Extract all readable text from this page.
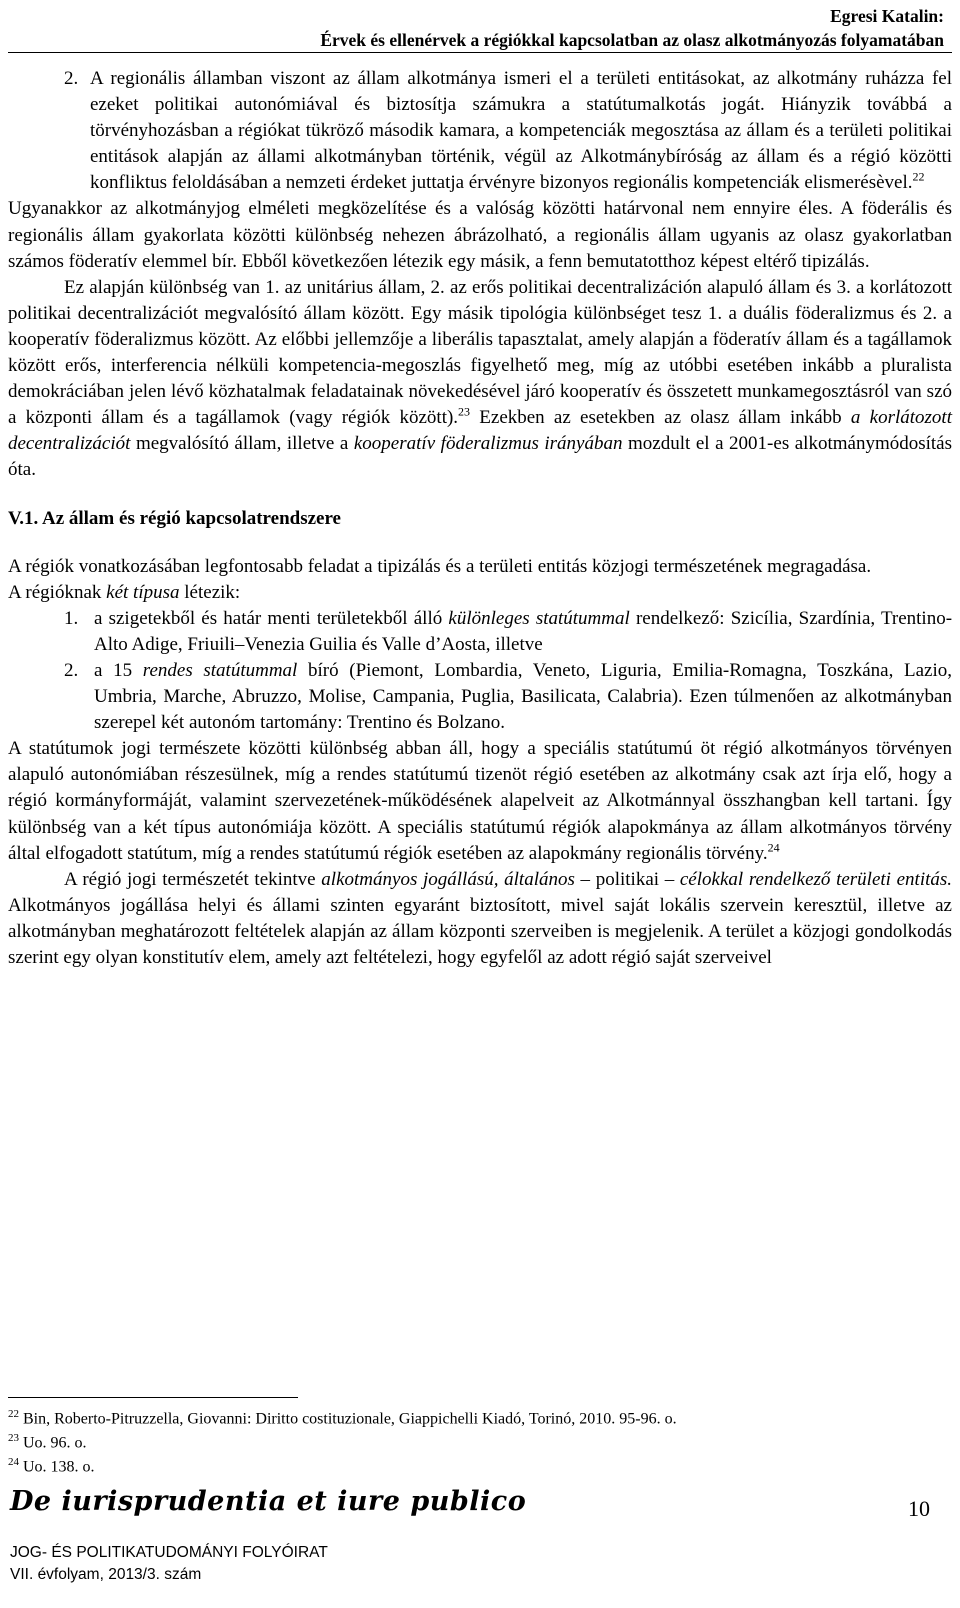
Egresi Katalin:
Érvek és ellenérvek a régiókkal kapcsolatban az olasz alkotmányozás folyamatában
2. A regionális államban viszont az állam alkotmánya ismeri el a területi entitásokat, az alkotmány ruházza fel ezeket politikai autonómiával és biztosítja számukra a statútumalkotás jogát. Hiányzik továbbá a törvényhozásban a régiókat tükröző második kamara, a kompetenciák megosztása az állam és a területi politikai entitások alapján az állami alkotmányban történik, végül az Alkotmánybíróság az állam és a régió közötti konfliktus feloldásában a nemzeti érdeket juttatja érvényre bizonyos regionális kompetenciák elismerésèvel.$^{22}$

Ugyanakkor az alkotmányjog elméleti megközelítése és a valóság közötti határvonal nem ennyire éles. A föderális és regionális állam gyakorlata közötti különbség nehezen ábrázolható, a regionális állam ugyanis az olasz gyakorlatban számos föderatív elemmel bír. Ebből következően létezik egy másik, a fenn bemutatotthoz képest eltérő tipizálás.

Ez alapján különbség van 1. az unitárius állam, 2. az erős politikai decentralizáción alapuló állam és 3. a korlátozott politikai decentralizációt megvalósító állam között. Egy másik tipológia különbséget tesz 1. a duális föderalizmus és 2. a kooperatív föderalizmus között. Az előbbi jellemzője a liberális tapasztalat, amely alapján a föderatív állam és a tagállamok között erős, interferencia nélküli kompetencia-megoszlás figyelhető meg, míg az utóbbi esetében inkább a pluralista demokráciában jelen lévő közhatalmak feladatainak növekedésével járó kooperatív és összetett munkamegosztásról van szó a központi állam és a tagállamok (vagy régiók között).$^{23}$ Ezekben az esetekben az olasz állam inkább a korlátozott decentralizációt megvalósító állam, illetve a kooperatív föderalizmus irányában mozdult el a 2001-es alkotmánymódosítás óta.

V.1. Az állam és régió kapcsolatrendszere

A régiók vonatkozásában legfontosabb feladat a tipizálás és a területi entitás közjogi természetének megragadása.

A régióknak két típusa létezik:

1. a szigetekből és határ menti területekből álló különleges statútummal rendelkező: Szicília, Szardínia, Trentino-Alto Adige, Friuili–Venezia Guilia és Valle d’Aosta, illetve
2. a 15 rendes statútummal bíró (Piemont, Lombardia, Veneto, Liguria, Emilia-Romagna, Toszkána, Lazio, Umbria, Marche, Abruzzo, Molise, Campania, Puglia, Basilicata, Calabria). Ezen túlmenően az alkotmányban szerepel két autonóm tartomány: Trentino és Bolzano.

A statútumok jogi természete közötti különbség abban áll, hogy a speciális statútumú öt régió alkotmányos törvényen alapuló autonómiában részesülnek, míg a rendes statútumú tizenöt régió esetében az alkotmány csak azt írja elő, hogy a régió kormányformáját, valamint szervezetének-működésének alapelveit az Alkotmánnyal összhangban kell tartani. Így különbség van a két típus autonómiája között. A speciális statútumú régiók alapokmánya az állam alkotmányos törvény által elfogadott statútum, míg a rendes statútumú régiók esetében az alapokmány regionális törvény.$^{24}$

A régió jogi természetét tekintve alkotmányos jogállású, általános – politikai – célokkal rendelkező területi entitás. Alkotmányos jogállása helyi és állami szinten egyaránt biztosított, mivel saját lokális szervein keresztül, illetve az alkotmányban meghatározott feltételek alapján az állam központi szerveiben is megjelenik. A terület a közjogi gondolkodás szerint egy olyan konstitutív elem, amely azt feltételezi, hogy egyfelől az adott régió saját szerveivel

$^{22}$ Bin, Roberto-Pitruzzella, Giovanni: Diritto costituzionale, Giappichelli Kiadó, Torinó, 2010. 95-96. o.
$^{23}$ Uo. 96. o.
$^{24}$ Uo. 138. o.
De iurisprudentia et iure publico
JOG- ÉS POLITIKATUDOMÁNYI FOLYÓIRAT
VII. évfolyam, 2013/3. szám
10
